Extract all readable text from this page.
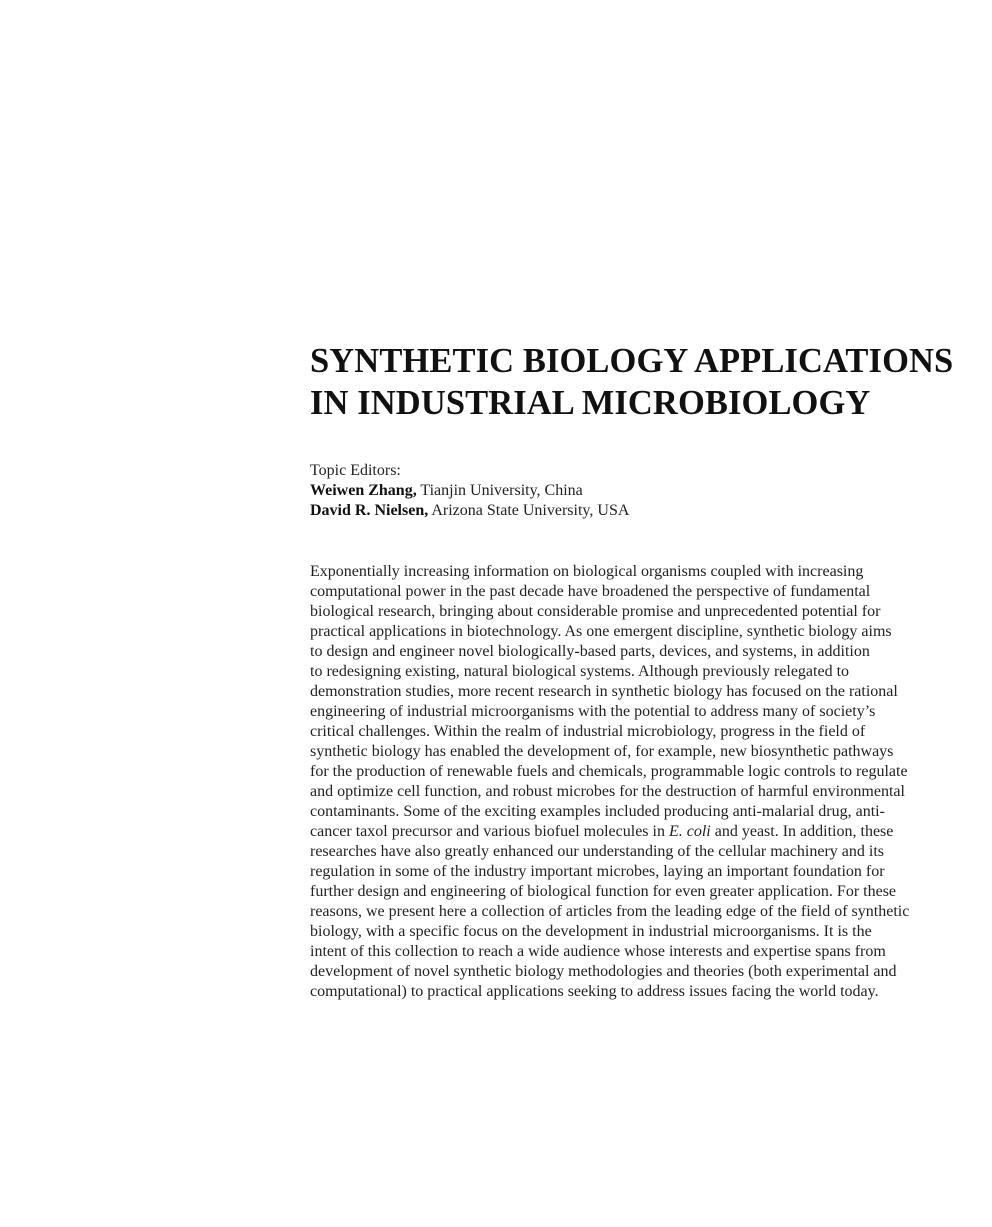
SYNTHETIC BIOLOGY APPLICATIONS
IN INDUSTRIAL MICROBIOLOGY
Topic Editors:
Weiwen Zhang, Tianjin University, China
David R. Nielsen, Arizona State University, USA
Exponentially increasing information on biological organisms coupled with increasing
computational power in the past decade have broadened the perspective of fundamental
biological research, bringing about considerable promise and unprecedented potential for
practical applications in biotechnology. As one emergent discipline, synthetic biology aims
to design and engineer novel biologically-based parts, devices, and systems, in addition
to redesigning existing, natural biological systems. Although previously relegated to
demonstration studies, more recent research in synthetic biology has focused on the rational
engineering of industrial microorganisms with the potential to address many of society’s
critical challenges. Within the realm of industrial microbiology, progress in the field of
synthetic biology has enabled the development of, for example, new biosynthetic pathways
for the production of renewable fuels and chemicals, programmable logic controls to regulate
and optimize cell function, and robust microbes for the destruction of harmful environmental
contaminants. Some of the exciting examples included producing anti-malarial drug, anti-
cancer taxol precursor and various biofuel molecules in E. coli and yeast. In addition, these
researches have also greatly enhanced our understanding of the cellular machinery and its
regulation in some of the industry important microbes, laying an important foundation for
further design and engineering of biological function for even greater application. For these
reasons, we present here a collection of articles from the leading edge of the field of synthetic
biology, with a specific focus on the development in industrial microorganisms. It is the
intent of this collection to reach a wide audience whose interests and expertise spans from
development of novel synthetic biology methodologies and theories (both experimental and
computational) to practical applications seeking to address issues facing the world today.
